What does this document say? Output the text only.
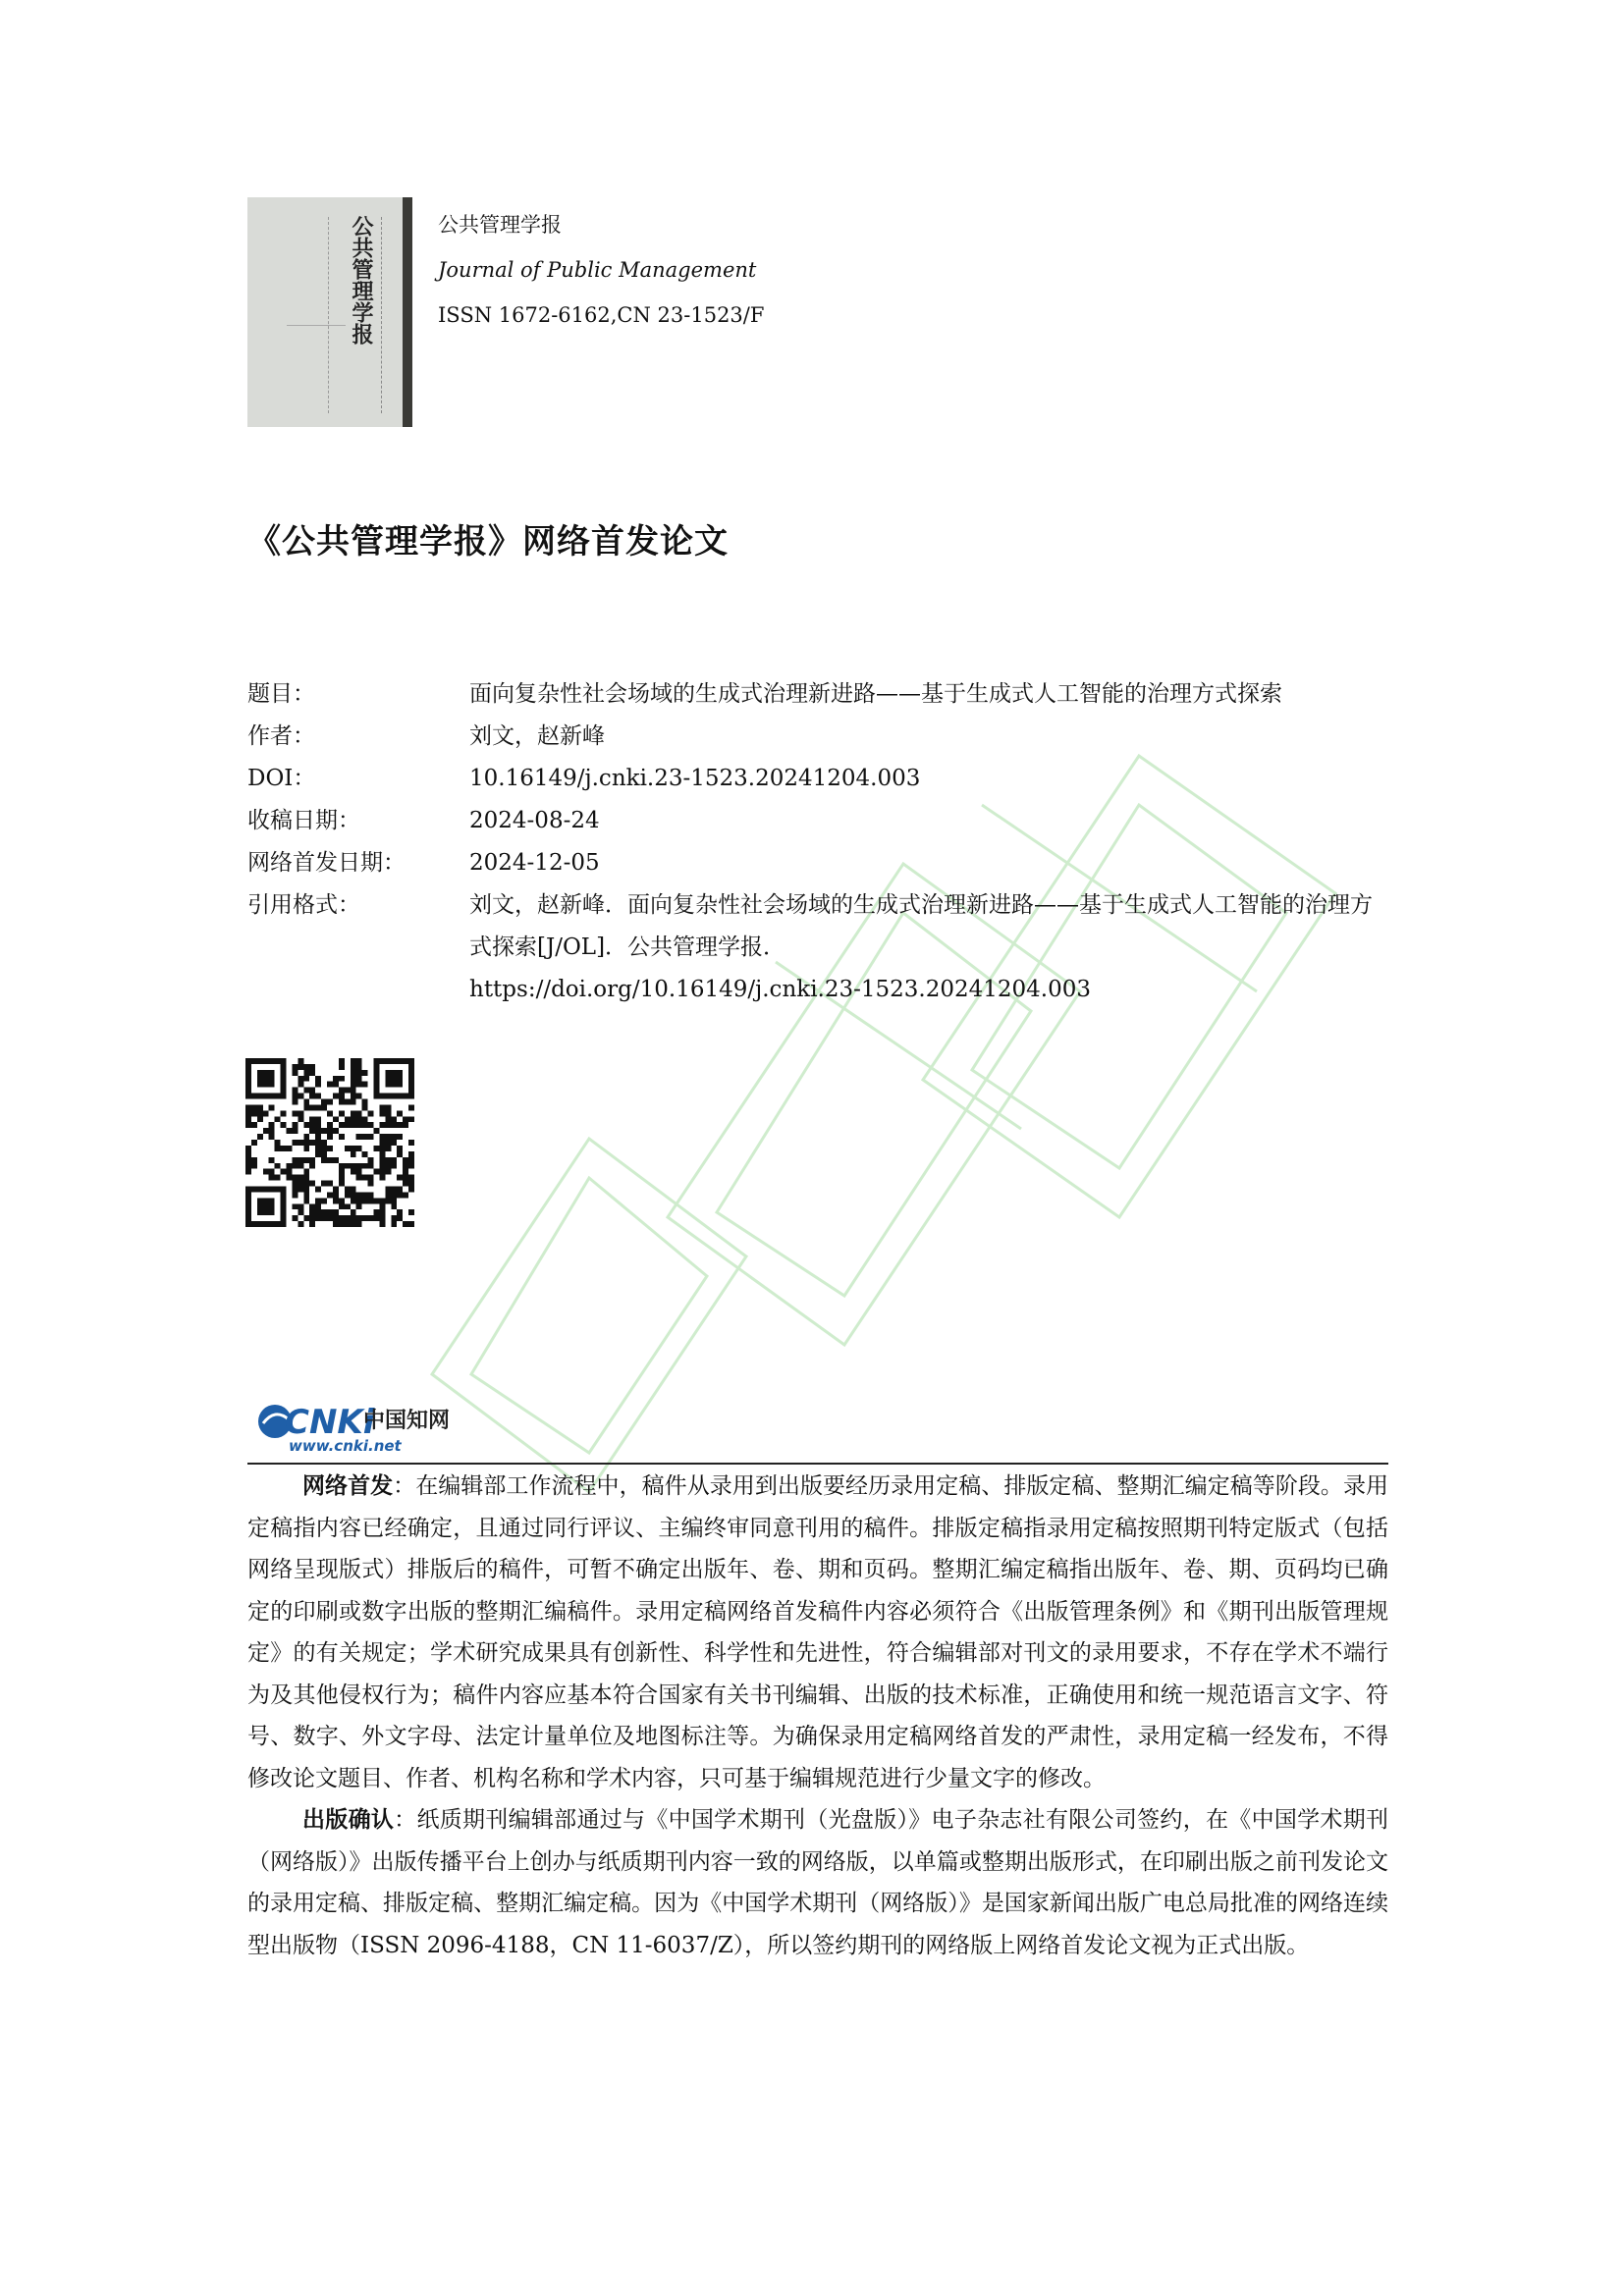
公共管理学报	公共管理学报
Journal of Public Management
ISSN 1672-6162,CN 23-1523/F
《公共管理学报》网络首发论文
题目：	面向复杂性社会场域的生成式治理新进路——基于生成式人工智能的治理方式探索
作者：	刘文，赵新峰
DOI：	10.16149/j.cnki.23-1523.20241204.003
收稿日期：	2024-08-24
网络首发日期：	2024-12-05
引用格式：	刘文，赵新峰．面向复杂性社会场域的生成式治理新进路——基于生成式人工智能的治理方式探索[J/OL]．公共管理学报．
https://doi.org/10.16149/j.cnki.23-1523.20241204.003
CNKi
中国知网
www.cnki.net

网络首发：在编辑部工作流程中，稿件从录用到出版要经历录用定稿、排版定稿、整期汇编定稿等阶段。录用定稿指内容已经确定，且通过同行评议、主编终审同意刊用的稿件。排版定稿指录用定稿按照期刊特定版式（包括网络呈现版式）排版后的稿件，可暂不确定出版年、卷、期和页码。整期汇编定稿指出版年、卷、期、页码均已确定的印刷或数字出版的整期汇编稿件。录用定稿网络首发稿件内容必须符合《出版管理条例》和《期刊出版管理规定》的有关规定；学术研究成果具有创新性、科学性和先进性，符合编辑部对刊文的录用要求，不存在学术不端行为及其他侵权行为；稿件内容应基本符合国家有关书刊编辑、出版的技术标准，正确使用和统一规范语言文字、符号、数字、外文字母、法定计量单位及地图标注等。为确保录用定稿网络首发的严肃性，录用定稿一经发布，不得修改论文题目、作者、机构名称和学术内容，只可基于编辑规范进行少量文字的修改。

出版确认：纸质期刊编辑部通过与《中国学术期刊（光盘版）》电子杂志社有限公司签约，在《中国学术期刊（网络版）》出版传播平台上创办与纸质期刊内容一致的网络版，以单篇或整期出版形式，在印刷出版之前刊发论文的录用定稿、排版定稿、整期汇编定稿。因为《中国学术期刊（网络版）》是国家新闻出版广电总局批准的网络连续型出版物（ISSN 2096-4188，CN 11-6037/Z），所以签约期刊的网络版上网络首发论文视为正式出版。
